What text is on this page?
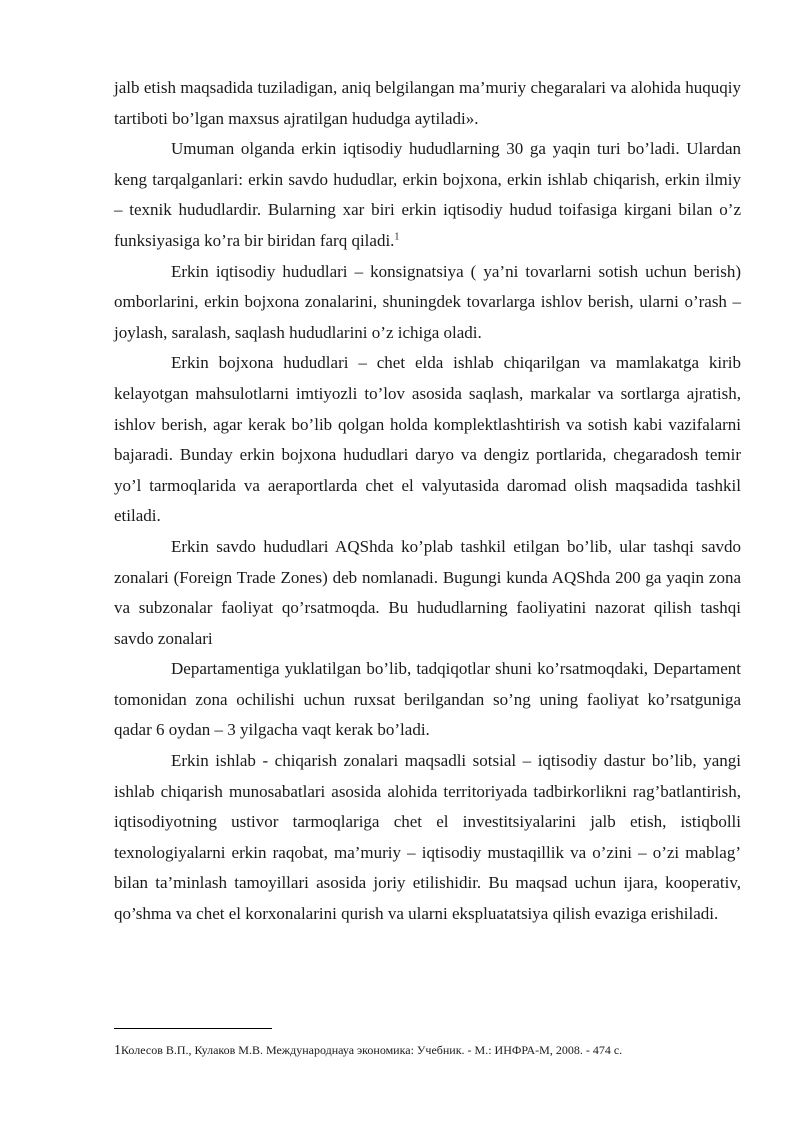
jalb etish maqsadida tuziladigan, aniq belgilangan ma’muriy chegaralari va alohida huquqiy tartiboti bo’lgan maxsus ajratilgan hududga aytiladi».

Umuman olganda erkin iqtisodiy hududlarning 30 ga yaqin turi bo’ladi. Ulardan keng tarqalganlari: erkin savdo hududlar, erkin bojxona, erkin ishlab chiqarish, erkin ilmiy – texnik hududlardir. Bularning xar biri erkin iqtisodiy hudud toifasiga kirgani bilan o’z funksiyasiga ko’ra bir biridan farq qiladi.$^1$

Erkin iqtisodiy hududlari – konsignatsiya ( ya’ni tovarlarni sotish uchun berish) omborlarini, erkin bojxona zonalarini, shuningdek tovarlarga ishlov berish, ularni o’rash – joylash, saralash, saqlash hududlarini o’z ichiga oladi.

Erkin bojxona hududlari – chet elda ishlab chiqarilgan va mamlakatga kirib kelayotgan mahsulotlarni imtiyozli to’lov asosida saqlash, markalar va sortlarga ajratish, ishlov berish, agar kerak bo’lib qolgan holda komplektlashtirish va sotish kabi vazifalarni bajaradi. Bunday erkin bojxona hududlari daryo va dengiz portlarida, chegaradosh temir yo’l tarmoqlarida va aeraportlarda chet el valyutasida daromad olish maqsadida tashkil etiladi.

Erkin savdo hududlari AQShda ko’plab tashkil etilgan bo’lib, ular tashqi savdo zonalari (Foreign Trade Zones) deb nomlanadi. Bugungi kunda AQShda 200 ga yaqin zona va subzonalar faoliyat qo’rsatmoqda. Bu hududlarning faoliyatini nazorat qilish tashqi savdo zonalari

Departamentiga yuklatilgan bo’lib, tadqiqotlar shuni ko’rsatmoqdaki, Departament tomonidan zona ochilishi uchun ruxsat berilgandan so’ng uning faoliyat ko’rsatguniga qadar 6 oydan – 3 yilgacha vaqt kerak bo’ladi.

Erkin ishlab - chiqarish zonalari maqsadli sotsial – iqtisodiy dastur bo’lib, yangi ishlab chiqarish munosabatlari asosida alohida territoriyada tadbirkorlikni rag’batlantirish, iqtisodiyotning ustivor tarmoqlariga chet el investitsiyalarini jalb etish, istiqbolli texnologiyalarni erkin raqobat, ma’muriy – iqtisodiy mustaqillik va o’zini – o’zi mablag’ bilan ta’minlash tamoyillari asosida joriy etilishidir. Bu maqsad uchun ijara, kooperativ, qo’shma va chet el korxonalarini qurish va ularni ekspluatatsiya qilish evaziga erishiladi.

1Колесов В.П., Кулаков М.В. Международнауа экономика: Учебник. - М.: ИНФРА-М, 2008. - 474 с.
